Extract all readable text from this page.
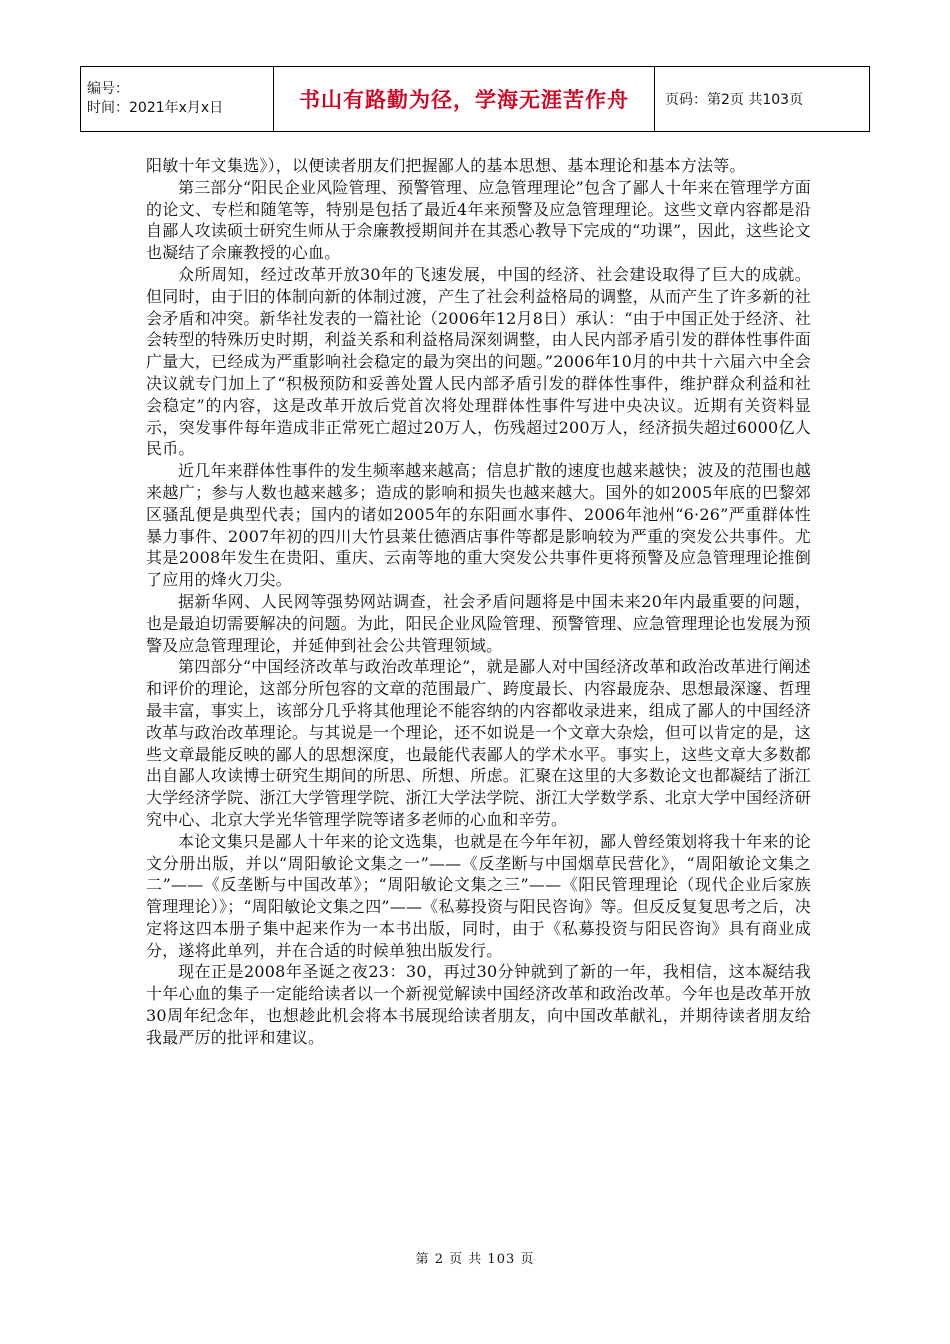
编号：
时间：2021年x月x日	书山有路勤为径，学海无涯苦作舟	页码：第2页 共103页

阳敏十年文集选》），以便读者朋友们把握鄙人的基本思想、基本理论和基本方法等。

第三部分“阳民企业风险管理、预警管理、应急管理理论”包含了鄙人十年来在管理学方面的论文、专栏和随笔等，特别是包括了最近4年来预警及应急管理理论。这些文章内容都是沿自鄙人攻读硕士研究生师从于佘廉教授期间并在其悉心教导下完成的“功课”，因此，这些论文也凝结了佘廉教授的心血。

众所周知，经过改革开放30年的飞速发展，中国的经济、社会建设取得了巨大的成就。但同时，由于旧的体制向新的体制过渡，产生了社会利益格局的调整，从而产生了许多新的社会矛盾和冲突。新华社发表的一篇社论（2006年12月8日）承认：“由于中国正处于经济、社会转型的特殊历史时期，利益关系和利益格局深刻调整，由人民内部矛盾引发的群体性事件面广量大，已经成为严重影响社会稳定的最为突出的问题。”2006年10月的中共十六届六中全会决议就专门加上了“积极预防和妥善处置人民内部矛盾引发的群体性事件，维护群众利益和社会稳定”的内容，这是改革开放后党首次将处理群体性事件写进中央决议。近期有关资料显示，突发事件每年造成非正常死亡超过20万人，伤残超过200万人，经济损失超过6000亿人民币。

近几年来群体性事件的发生频率越来越高；信息扩散的速度也越来越快；波及的范围也越来越广；参与人数也越来越多；造成的影响和损失也越来越大。国外的如2005年底的巴黎郊区骚乱便是典型代表；国内的诸如2005年的东阳画水事件、2006年池州“6·26”严重群体性暴力事件、2007年初的四川大竹县莱仕德酒店事件等都是影响较为严重的突发公共事件。尤其是2008年发生在贵阳、重庆、云南等地的重大突发公共事件更将预警及应急管理理论推倒了应用的烽火刀尖。

据新华网、人民网等强势网站调查，社会矛盾问题将是中国未来20年内最重要的问题，也是最迫切需要解决的问题。为此，阳民企业风险管理、预警管理、应急管理理论也发展为预警及应急管理理论，并延伸到社会公共管理领域。

第四部分“中国经济改革与政治改革理论”，就是鄙人对中国经济改革和政治改革进行阐述和评价的理论，这部分所包容的文章的范围最广、跨度最长、内容最庞杂、思想最深邃、哲理最丰富，事实上，该部分几乎将其他理论不能容纳的内容都收录进来，组成了鄙人的中国经济改革与政治改革理论。与其说是一个理论，还不如说是一个文章大杂烩，但可以肯定的是，这些文章最能反映的鄙人的思想深度，也最能代表鄙人的学术水平。事实上，这些文章大多数都出自鄙人攻读博士研究生期间的所思、所想、所虑。汇聚在这里的大多数论文也都凝结了浙江大学经济学院、浙江大学管理学院、浙江大学法学院、浙江大学数学系、北京大学中国经济研究中心、北京大学光华管理学院等诸多老师的心血和辛劳。

本论文集只是鄙人十年来的论文选集，也就是在今年年初，鄙人曾经策划将我十年来的论文分册出版，并以“周阳敏论文集之一”——《反垄断与中国烟草民营化》，“周阳敏论文集之二”——《反垄断与中国改革》；“周阳敏论文集之三”——《阳民管理理论（现代企业后家族管理理论）》；“周阳敏论文集之四”——《私募投资与阳民咨询》等。但反反复复思考之后，决定将这四本册子集中起来作为一本书出版，同时，由于《私募投资与阳民咨询》具有商业成分，遂将此单列，并在合适的时候单独出版发行。

现在正是2008年圣诞之夜23：30，再过30分钟就到了新的一年，我相信，这本凝结我十年心血的集子一定能给读者以一个新视觉解读中国经济改革和政治改革。今年也是改革开放30周年纪念年，也想趁此机会将本书展现给读者朋友，向中国改革献礼，并期待读者朋友给我最严厉的批评和建议。

第 2 页 共 103 页
